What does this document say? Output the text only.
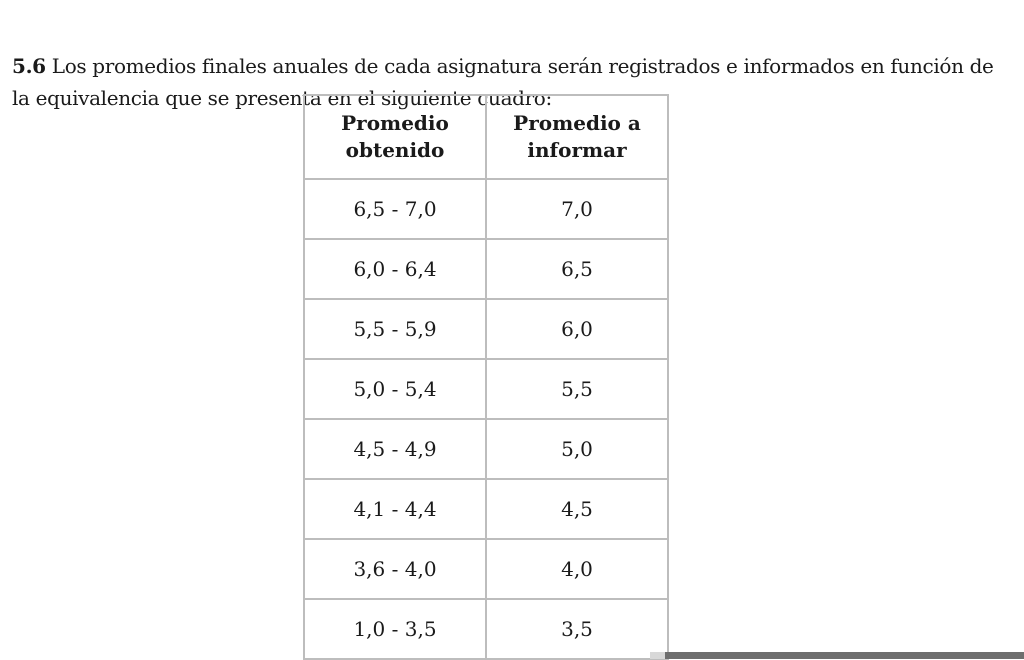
5.6 Los promedios finales anuales de cada asignatura serán registrados e informados en función de la equivalencia que se presenta en el siguiente cuadro:

Promedio obtenido	Promedio a informar
6,5 - 7,0	7,0
6,0 - 6,4	6,5
5,5 - 5,9	6,0
5,0 - 5,4	5,5
4,5 - 4,9	5,0
4,1 - 4,4	4,5
3,6 - 4,0	4,0
1,0 - 3,5	3,5
